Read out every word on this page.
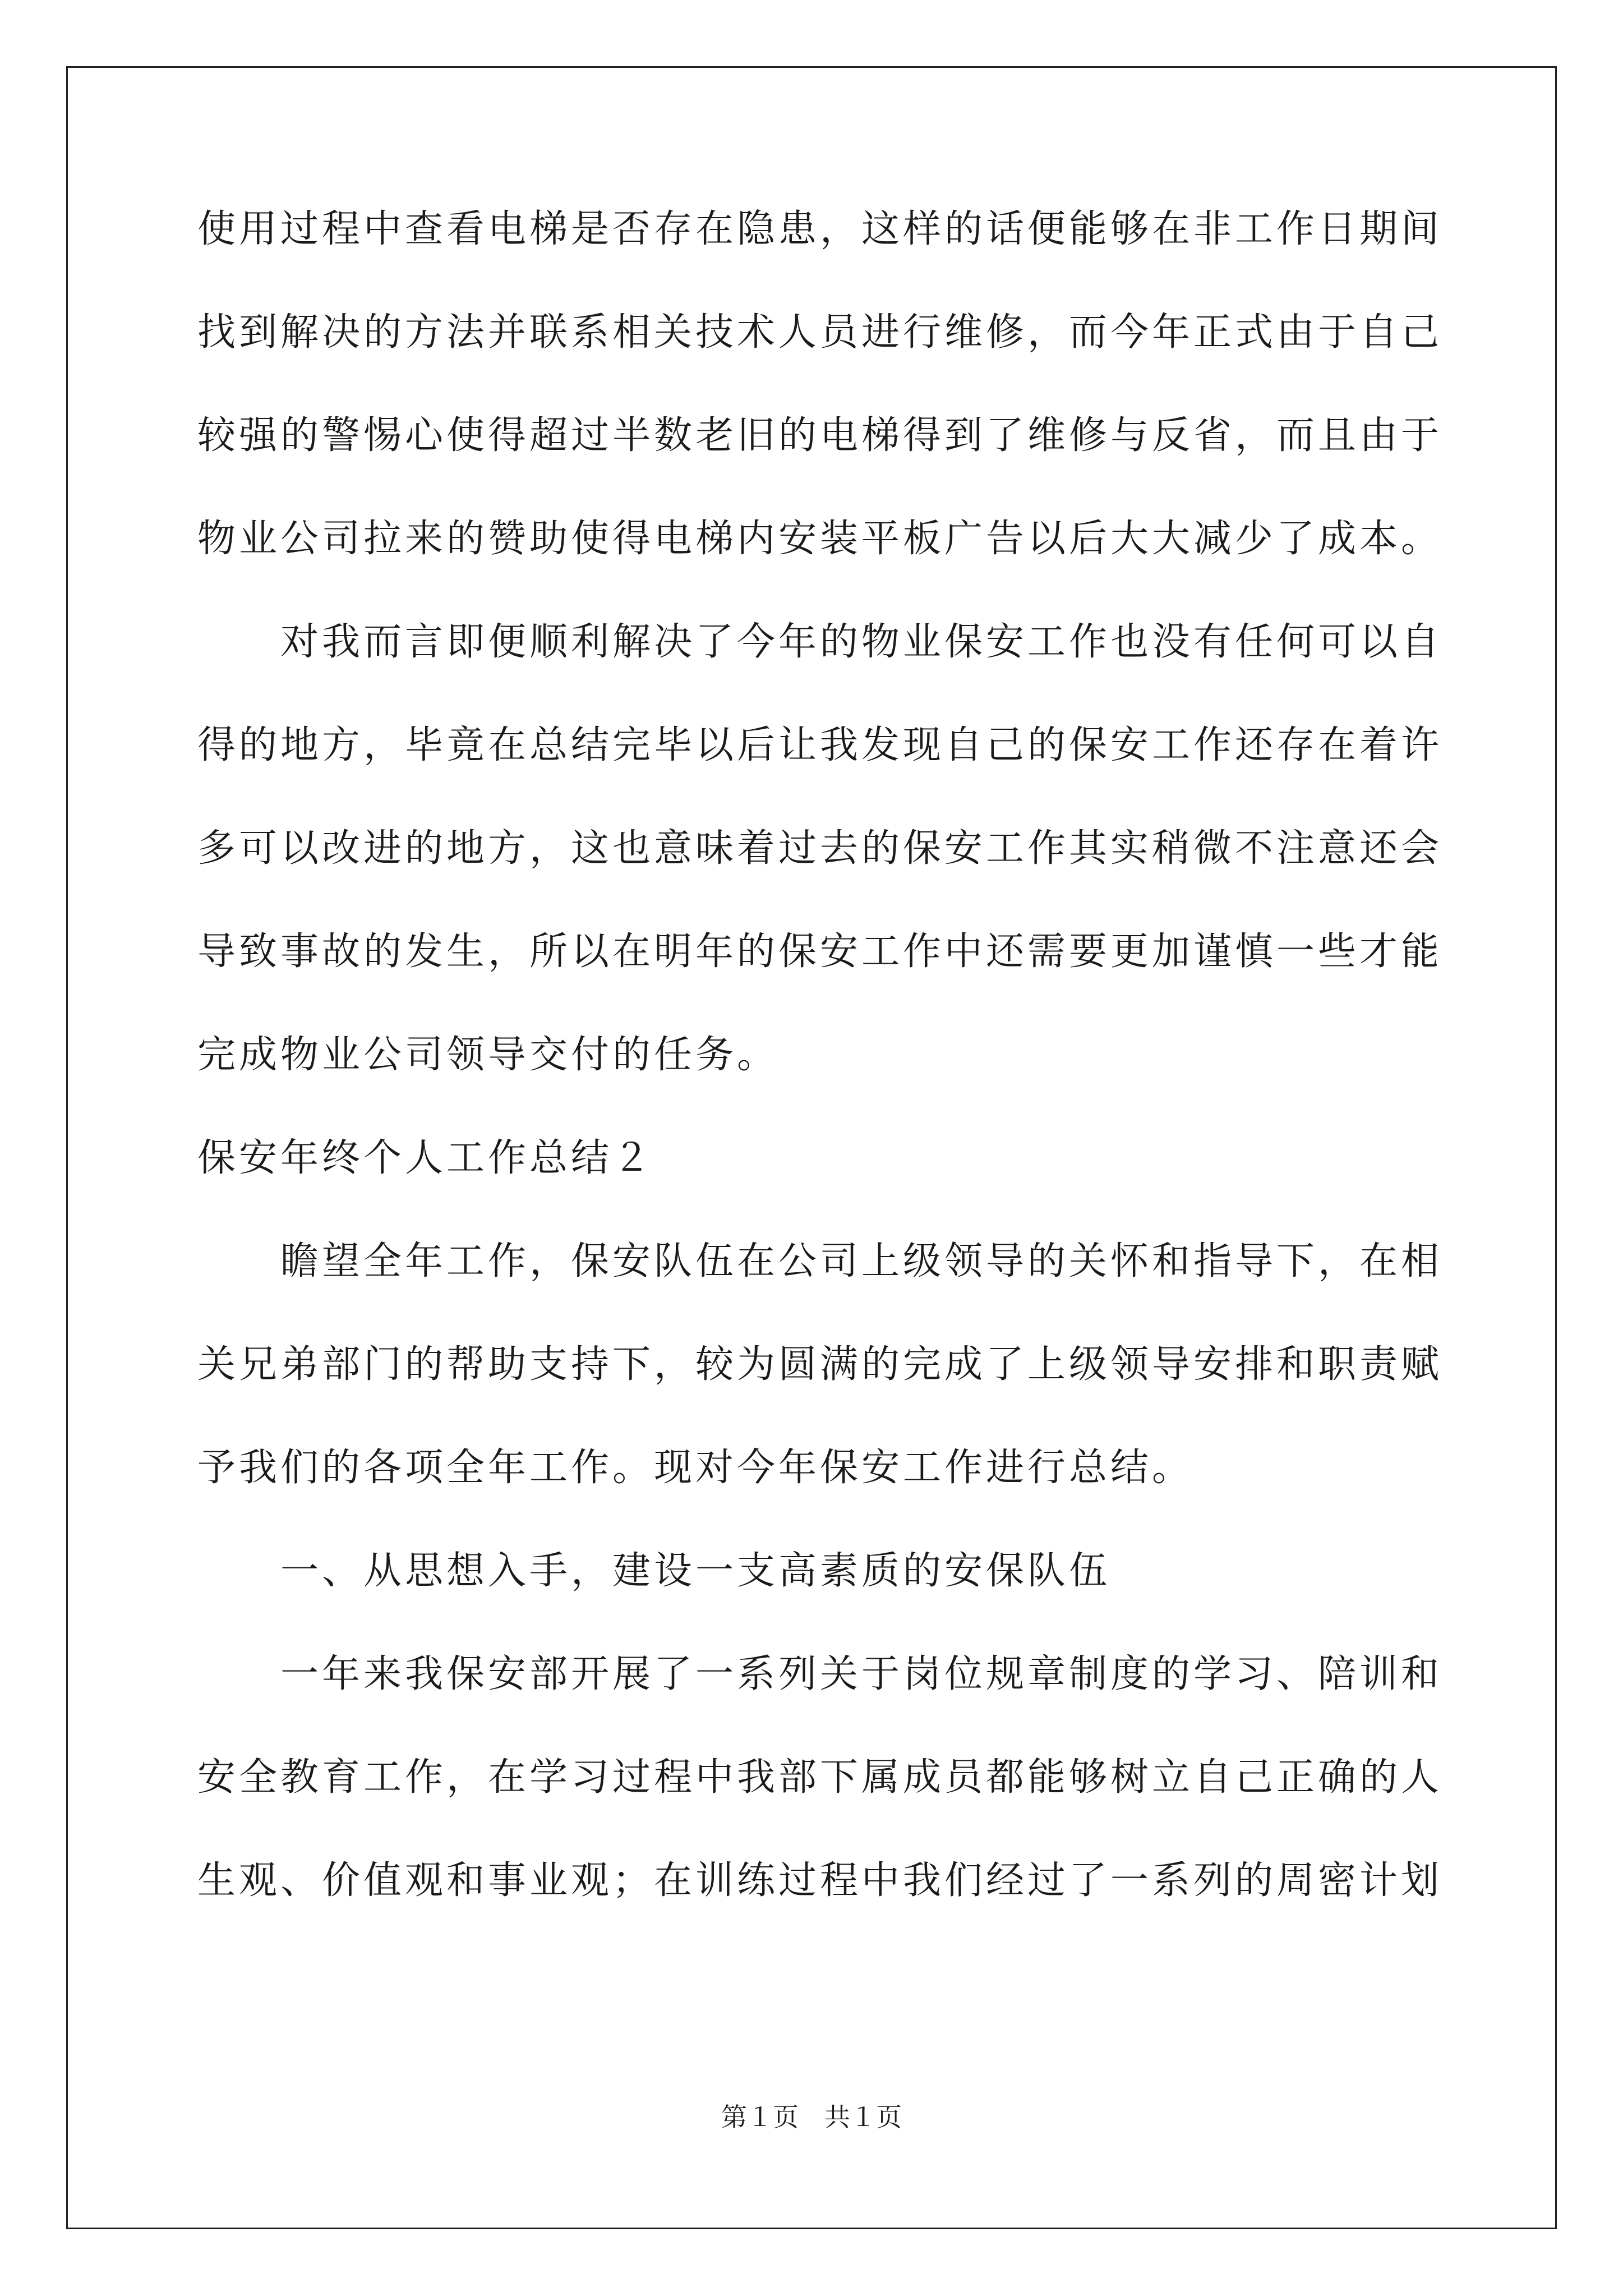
使用过程中查看电梯是否存在隐患，这样的话便能够在非工作日期间
找到解决的方法并联系相关技术人员进行维修，而今年正式由于自己
较强的警惕心使得超过半数老旧的电梯得到了维修与反省，而且由于
物业公司拉来的赞助使得电梯内安装平板广告以后大大减少了成本。
对我而言即便顺利解决了今年的物业保安工作也没有任何可以自
得的地方，毕竟在总结完毕以后让我发现自己的保安工作还存在着许
多可以改进的地方，这也意味着过去的保安工作其实稍微不注意还会
导致事故的发生，所以在明年的保安工作中还需要更加谨慎一些才能
完成物业公司领导交付的任务。
保安年终个人工作总结２
瞻望全年工作，保安队伍在公司上级领导的关怀和指导下，在相
关兄弟部门的帮助支持下，较为圆满的完成了上级领导安排和职责赋
予我们的各项全年工作。现对今年保安工作进行总结。
一、从思想入手，建设一支高素质的安保队伍
一年来我保安部开展了一系列关于岗位规章制度的学习、陪训和
安全教育工作，在学习过程中我部下属成员都能够树立自己正确的人
生观、价值观和事业观；在训练过程中我们经过了一系列的周密计划
第１页　共１页
